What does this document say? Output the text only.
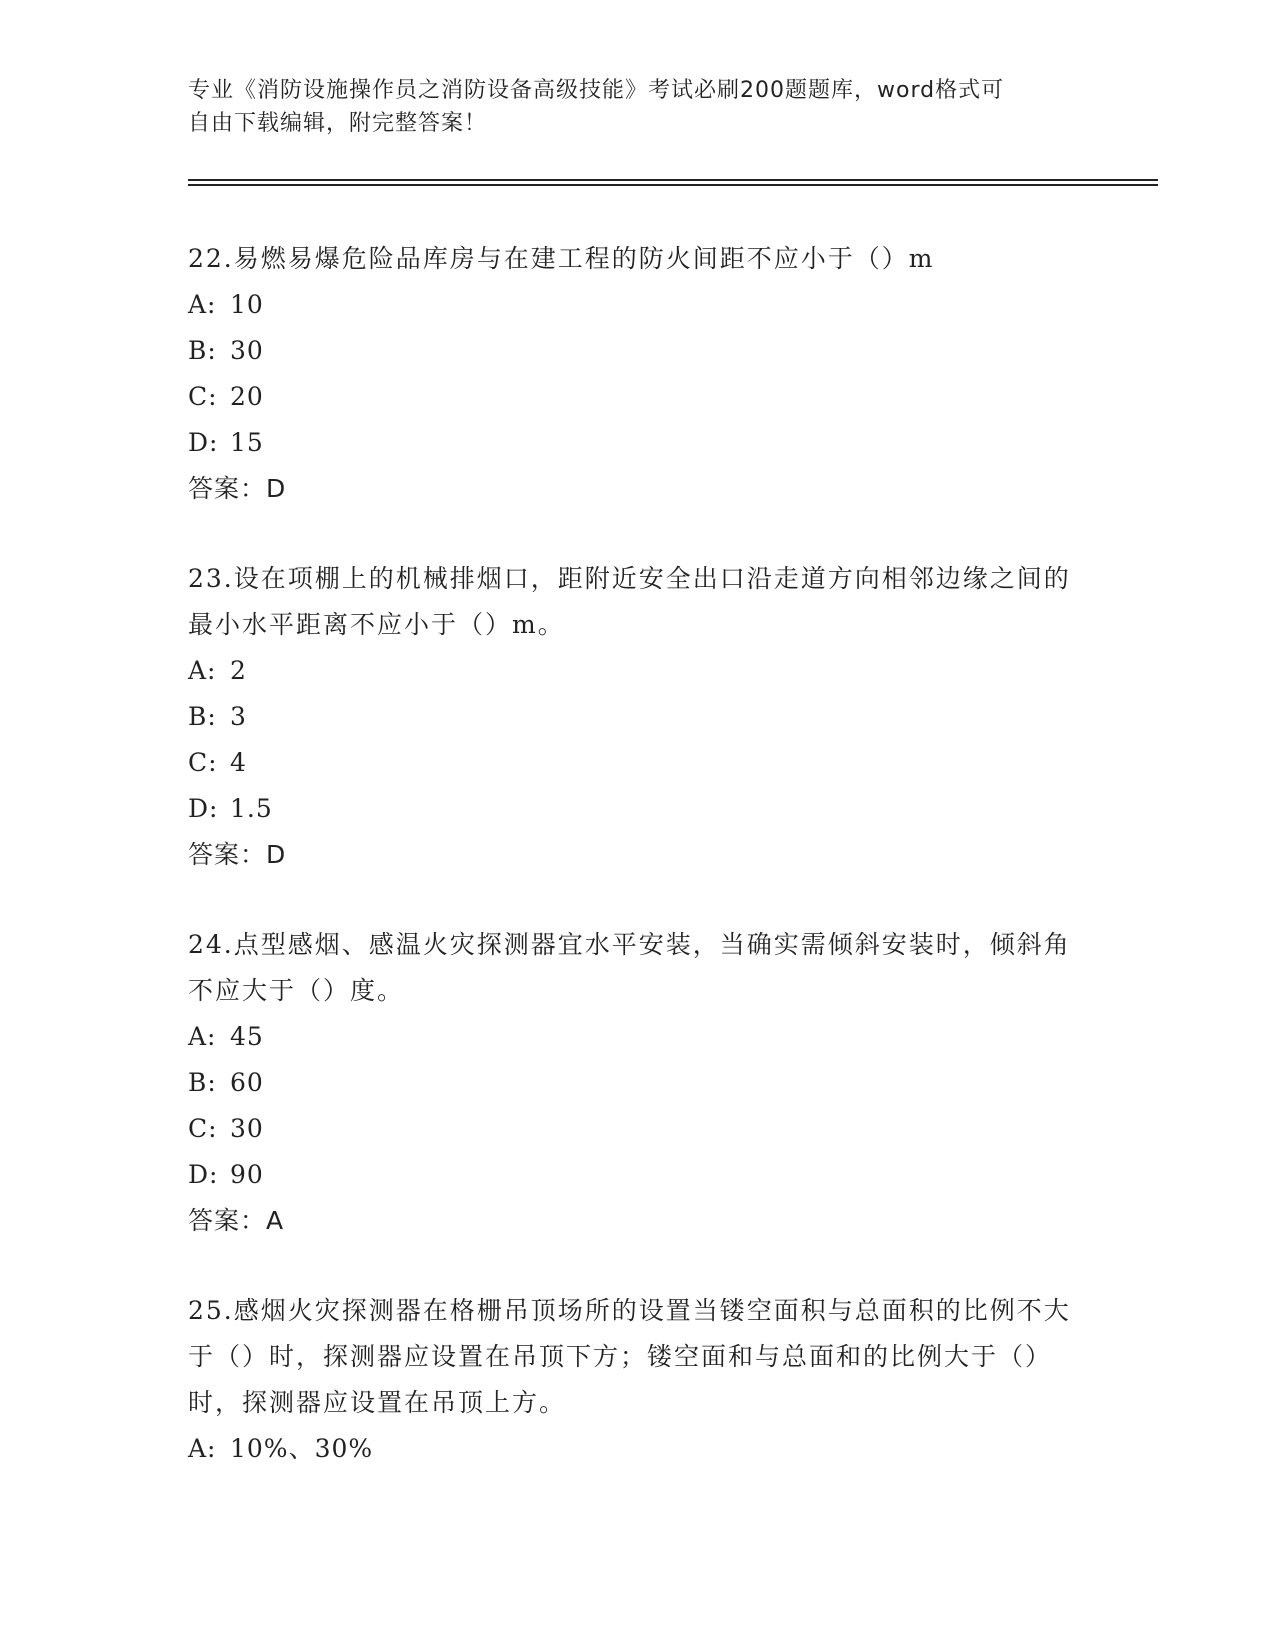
专业《消防设施操作员之消防设备高级技能》考试必刷200题题库，word格式可
自由下载编辑，附完整答案！

22.易燃易爆危险品库房与在建工程的防火间距不应小于（）m

A: 10

B: 30

C: 20

D: 15

答案：D

23.设在项棚上的机械排烟口，距附近安全出口沿走道方向相邻边缘之间的最小水平距离不应小于（）m。

A: 2

B: 3

C: 4

D: 1.5

答案：D

24.点型感烟、感温火灾探测器宜水平安装，当确实需倾斜安装时，倾斜角不应大于（）度。

A: 45

B: 60

C: 30

D: 90

答案：A

25.感烟火灾探测器在格栅吊顶场所的设置当镂空面积与总面积的比例不大于（）时，探测器应设置在吊顶下方；镂空面和与总面和的比例大于（）时，探测器应设置在吊顶上方。

A: 10%、30%
